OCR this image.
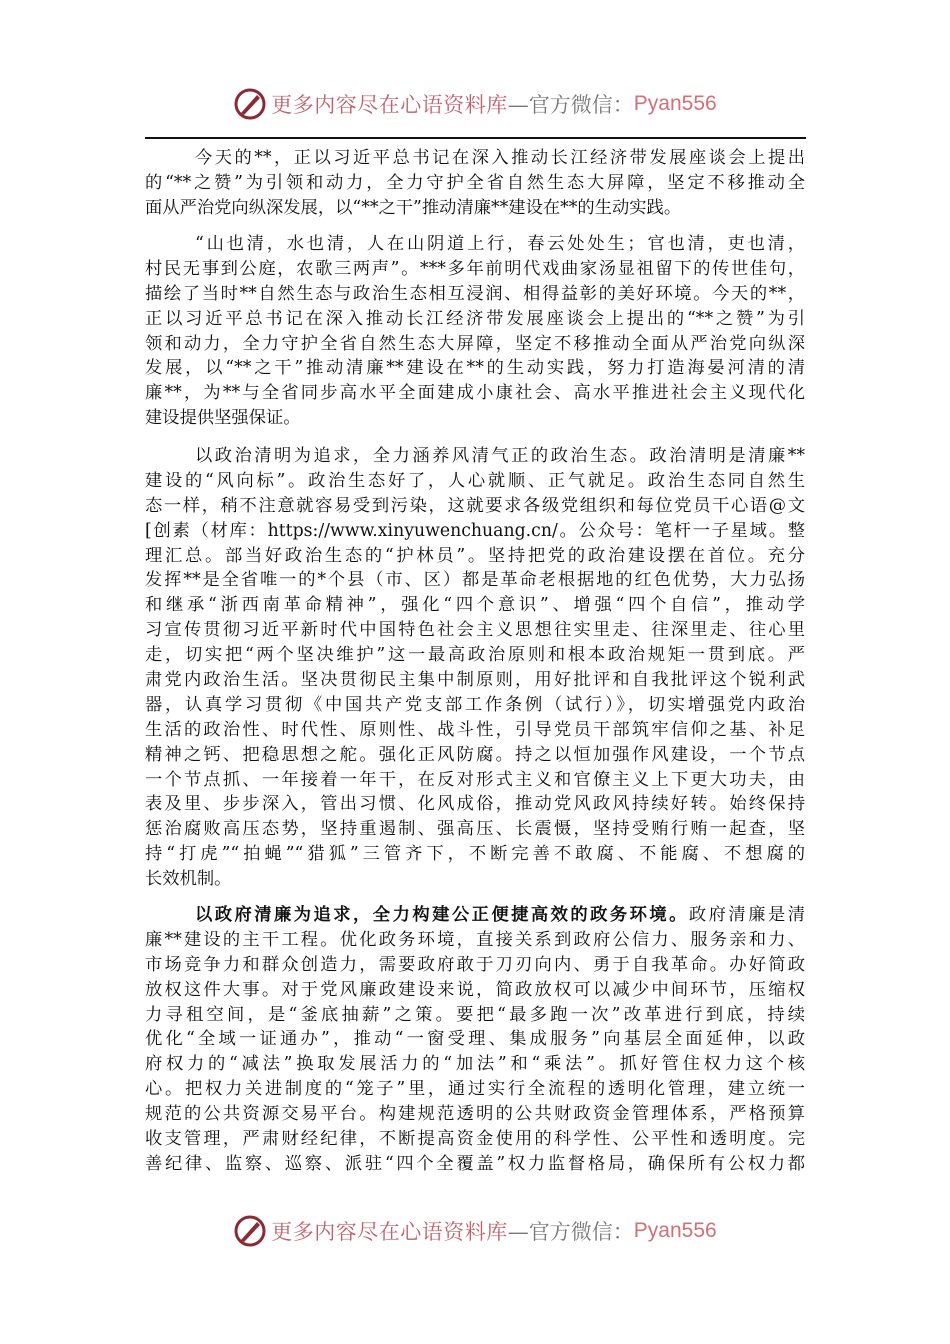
更多内容尽在心语资料库 —官方微信： Pyan556
今天的**，正以习近平总书记在深入推动长江经济带发展座谈会上提出
的“**之赞”为引领和动力，全力守护全省自然生态大屏障，坚定不移推动全
面从严治党向纵深发展，以“**之干”推动清廉**建设在**的生动实践。
“山也清，水也清，人在山阴道上行，春云处处生；官也清，吏也清，
村民无事到公庭，农歌三两声”。***多年前明代戏曲家汤显祖留下的传世佳句，
描绘了当时**自然生态与政治生态相互浸润、相得益彰的美好环境。今天的**，
正以习近平总书记在深入推动长江经济带发展座谈会上提出的“**之赞”为引
领和动力，全力守护全省自然生态大屏障，坚定不移推动全面从严治党向纵深
发展，以“**之干”推动清廉**建设在**的生动实践，努力打造海晏河清的清
廉**，为**与全省同步高水平全面建成小康社会、高水平推进社会主义现代化
建设提供坚强保证。
以政治清明为追求，全力涵养风清气正的政治生态。政治清明是清廉**
建设的“风向标”。政治生态好了，人心就顺、正气就足。政治生态同自然生
态一样，稍不注意就容易受到污染，这就要求各级党组织和每位党员干心语@文
[创素（材库：https://www.xinyuwenchuang.cn/。公众号：笔杆一子星域。整
理汇总。部当好政治生态的“护林员”。坚持把党的政治建设摆在首位。充分
发挥**是全省唯一的*个县（市、区）都是革命老根据地的红色优势，大力弘扬
和继承“浙西南革命精神”，强化“四个意识”、增强“四个自信”，推动学
习宣传贯彻习近平新时代中国特色社会主义思想往实里走、往深里走、往心里
走，切实把“两个坚决维护”这一最高政治原则和根本政治规矩一贯到底。严
肃党内政治生活。坚决贯彻民主集中制原则，用好批评和自我批评这个锐利武
器，认真学习贯彻《中国共产党支部工作条例（试行）》，切实增强党内政治
生活的政治性、时代性、原则性、战斗性，引导党员干部筑牢信仰之基、补足
精神之钙、把稳思想之舵。强化正风防腐。持之以恒加强作风建设，一个节点
一个节点抓、一年接着一年干，在反对形式主义和官僚主义上下更大功夫，由
表及里、步步深入，管出习惯、化风成俗，推动党风政风持续好转。始终保持
惩治腐败高压态势，坚持重遏制、强高压、长震慑，坚持受贿行贿一起查，坚
持“打虎”“拍蝇”“猎狐”三管齐下，不断完善不敢腐、不能腐、不想腐的
长效机制。
以政府清廉为追求，全力构建公正便捷高效的政务环境。政府清廉是清
廉**建设的主干工程。优化政务环境，直接关系到政府公信力、服务亲和力、
市场竞争力和群众创造力，需要政府敢于刀刃向内、勇于自我革命。办好简政
放权这件大事。对于党风廉政建设来说，简政放权可以减少中间环节，压缩权
力寻租空间，是“釜底抽薪”之策。要把“最多跑一次”改革进行到底，持续
优化“全域一证通办”，推动“一窗受理、集成服务”向基层全面延伸，以政
府权力的“减法”换取发展活力的“加法”和“乘法”。抓好管住权力这个核
心。把权力关进制度的“笼子”里，通过实行全流程的透明化管理，建立统一
规范的公共资源交易平台。构建规范透明的公共财政资金管理体系，严格预算
收支管理，严肃财经纪律，不断提高资金使用的科学性、公平性和透明度。完
善纪律、监察、巡察、派驻“四个全覆盖”权力监督格局，确保所有公权力都
更多内容尽在心语资料库 —官方微信： Pyan556
